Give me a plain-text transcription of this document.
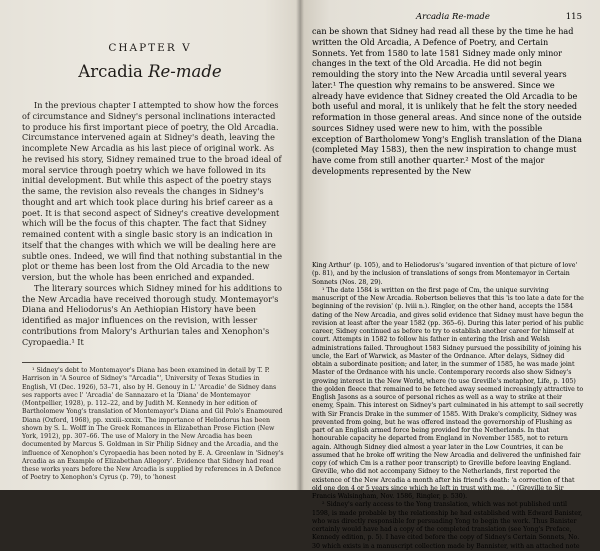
CHAPTER V
Arcadia Re-made

In the previous chapter I attempted to show how the forces of circumstance and Sidney's personal inclinations interacted to produce his first important piece of poetry, the Old Arcadia. Circumstance intervened again at Sidney's death, leaving the incomplete New Arcadia as his last piece of original work. As he revised his story, Sidney remained true to the broad ideal of moral service through poetry which we have followed in its initial development. But while this aspect of the poetry stays the same, the revision also reveals the changes in Sidney's thought and art which took place during his brief career as a poet. It is that second aspect of Sidney's creative development which will be the focus of this chapter. The fact that Sidney remained content with a single basic story is an indication in itself that the changes with which we will be dealing here are subtle ones. Indeed, we will find that nothing substantial in the plot or theme has been lost from the Old Arcadia to the new version, but the whole has been enriched and expanded.

The literary sources which Sidney mined for his additions to the New Arcadia have received thorough study. Montemayor's Diana and Heliodorus's An Aethiopian History have been identified as major influences on the revision, with lesser contributions from Malory's Arthurian tales and Xenophon's Cyropaedia.¹ It

¹ Sidney's debt to Montemayor's Diana has been examined in detail by T. P. Harrison in 'A Source of Sidney's "Arcadia"', University of Texas Studies in English, VI (Dec. 1926), 53–71, also by H. Genouy in L' 'Arcadie' de Sidney dans ses rapports avec l' 'Arcadia' de Sannazaro et la 'Diana' de Montemayor (Montpellier, 1928), p. 112–22, and by Judith M. Kennedy in her edition of Bartholomew Yong's translation of Montemayor's Diana and Gil Polo's Enamoured Diana (Oxford, 1968), pp. xxxiii–xxxix. The importance of Heliodorus has been shown by S. L. Wolff in The Greek Romances in Elizabethan Prose Fiction (New York, 1912), pp. 307–66. The use of Malory in the New Arcadia has been documented by Marcus S. Goldman in Sir Philip Sidney and the Arcadia, and the influence of Xenophon's Cyropaedia has been noted by E. A. Greenlaw in 'Sidney's Arcadia as an Example of Elizabethan Allegory'. Evidence that Sidney had read these works years before the New Arcadia is supplied by references in A Defence of Poetry to Xenophon's Cyrus (p. 79), to 'honest

Arcadia Re-made	115

can be shown that Sidney had read all these by the time he had written the Old Arcadia, A Defence of Poetry, and Certain Sonnets. Yet from 1580 to late 1581 Sidney made only minor changes in the text of the Old Arcadia. He did not begin remoulding the story into the New Arcadia until several years later.¹ The question why remains to be answered. Since we already have evidence that Sidney created the Old Arcadia to be both useful and moral, it is unlikely that he felt the story needed reformation in those general areas. And since none of the outside sources Sidney used were new to him, with the possible exception of Bartholomew Yong's English translation of the Diana (completed May 1583), then the new inspiration to change must have come from still another quarter.² Most of the major developments represented by the New

King Arthur' (p. 105), and to Heliodorus's 'sugared invention of that picture of love' (p. 81), and by the inclusion of translations of songs from Montemayor in Certain Sonnets (Nos. 28, 29).

¹ The date 1584 is written on the first page of Cm, the unique surviving manuscript of the New Arcadia. Robertson believes that this 'is too late a date for the beginning of the revision' (p. lviii n.). Ringler, on the other hand, accepts the 1584 dating of the New Arcadia, and gives solid evidence that Sidney must have begun the revision at least after the year 1582 (pp. 365–6). During this later period of his public career, Sidney continued as before to try to establish another career for himself at court. Attempts in 1582 to follow his father in entering the Irish and Welsh administrations failed. Throughout 1583 Sidney pursued the possibility of joining his uncle, the Earl of Warwick, as Master of the Ordnance. After delays, Sidney did obtain a subordinate position; and later, in the summer of 1585, he was made joint Master of the Ordnance with his uncle. Contemporary records also show Sidney's growing interest in the New World, where (to use Greville's metaphor, Life, p. 105) the golden fleece that remained to be fetched away seemed increasingly attractive to English Jasons as a source of personal riches as well as a way to strike at their enemy, Spain. This interest on Sidney's part culminated in his attempt to sail secretly with Sir Francis Drake in the summer of 1585. With Drake's complicity, Sidney was prevented from going, but he was offered instead the governorship of Flushing as part of an English armed force being provided for the Netherlands. In that honourable capacity he departed from England in November 1585, not to return again. Although Sidney died almost a year later in the Low Countries, it can be assumed that he broke off writing the New Arcadia and delivered the unfinished fair copy (of which Cm is a rather poor transcript) to Greville before leaving England. Greville, who did not accompany Sidney to the Netherlands, first reported the existence of the New Arcadia a month after his friend's death: 'a correction of that old one don 4 or 5 years since which he left in trust with me. . .' (Greville to Sir Francis Walsingham, Nov. 1586, Ringler, p. 530).

² Sidney's early access to the Yong translation, which was not published until 1598, is made probable by the relationship he had established with Edward Banister, who was directly responsible for persuading Yong to begin the work. Thus Banister certainly would have had a copy of the completed translation (see Yong's Preface, Kennedy edition, p. 5). I have cited before the copy of Sidney's Certain Sonnets, No. 30 which exists in a manuscript collection made by Bannister, with an attached note
